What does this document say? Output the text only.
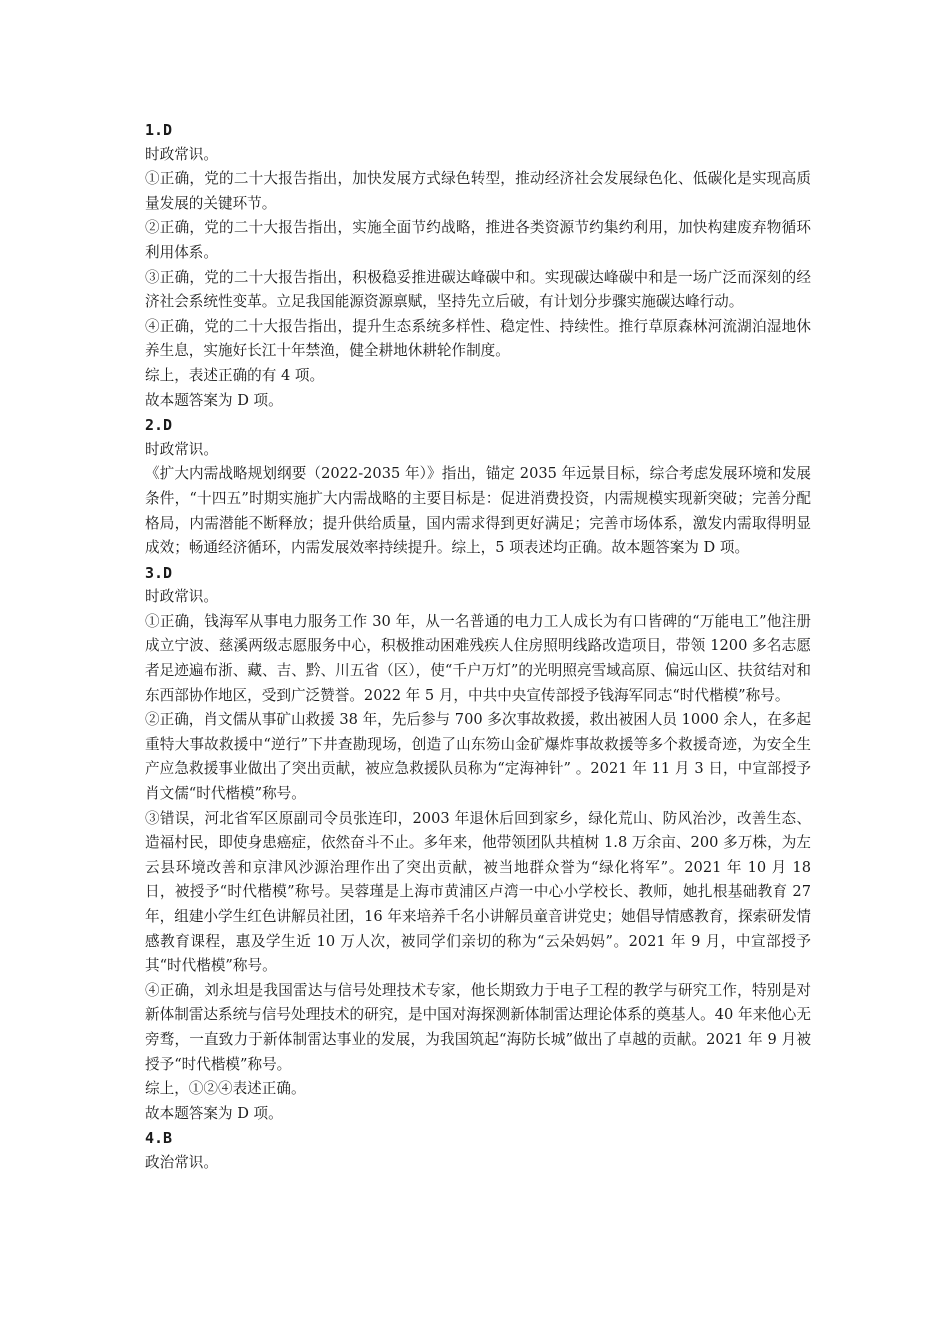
1.D

时政常识。

①正确，党的二十大报告指出，加快发展方式绿色转型，推动经济社会发展绿色化、低碳化是实现高质量发展的关键环节。

②正确，党的二十大报告指出，实施全面节约战略，推进各类资源节约集约利用，加快构建废弃物循环利用体系。

③正确，党的二十大报告指出，积极稳妥推进碳达峰碳中和。实现碳达峰碳中和是一场广泛而深刻的经济社会系统性变革。立足我国能源资源禀赋，坚持先立后破，有计划分步骤实施碳达峰行动。

④正确，党的二十大报告指出，提升生态系统多样性、稳定性、持续性。推行草原森林河流湖泊湿地休养生息，实施好长江十年禁渔，健全耕地休耕轮作制度。

综上，表述正确的有 4 项。

故本题答案为 D 项。

2.D

时政常识。

《扩大内需战略规划纲要（2022-2035 年）》指出，锚定 2035 年远景目标，综合考虑发展环境和发展条件，“十四五”时期实施扩大内需战略的主要目标是：促进消费投资，内需规模实现新突破；完善分配格局，内需潜能不断释放；提升供给质量，国内需求得到更好满足；完善市场体系，激发内需取得明显成效；畅通经济循环，内需发展效率持续提升。综上，5 项表述均正确。故本题答案为 D 项。

3.D

时政常识。

①正确，钱海军从事电力服务工作 30 年，从一名普通的电力工人成长为有口皆碑的“万能电工”他注册成立宁波、慈溪两级志愿服务中心，积极推动困难残疾人住房照明线路改造项目，带领 1200 多名志愿者足迹遍布浙、藏、吉、黔、川五省（区），使“千户万灯”的光明照亮雪域高原、偏远山区、扶贫结对和东西部协作地区，受到广泛赞誉。2022 年 5 月，中共中央宣传部授予钱海军同志“时代楷模”称号。

②正确，肖文儒从事矿山救援 38 年，先后参与 700 多次事故救援，救出被困人员 1000 余人，在多起重特大事故救援中“逆行”下井查勘现场，创造了山东笏山金矿爆炸事故救援等多个救援奇迹，为安全生产应急救援事业做出了突出贡献，被应急救援队员称为“定海神针” 。2021 年 11 月 3 日，中宣部授予肖文儒“时代楷模”称号。

③错误，河北省军区原副司令员张连印，2003 年退休后回到家乡，绿化荒山、防风治沙，改善生态、造福村民，即使身患癌症，依然奋斗不止。多年来，他带领团队共植树 1.8 万余亩、200 多万株，为左云县环境改善和京津风沙源治理作出了突出贡献，被当地群众誉为“绿化将军”。2021 年 10 月 18 日，被授予“时代楷模”称号。吴蓉瑾是上海市黄浦区卢湾一中心小学校长、教师，她扎根基础教育 27 年，组建小学生红色讲解员社团，16 年来培养千名小讲解员童音讲党史；她倡导情感教育，探索研发情感教育课程，惠及学生近 10 万人次，被同学们亲切的称为“云朵妈妈”。2021 年 9 月，中宣部授予其“时代楷模”称号。

④正确，刘永坦是我国雷达与信号处理技术专家，他长期致力于电子工程的教学与研究工作，特别是对新体制雷达系统与信号处理技术的研究，是中国对海探测新体制雷达理论体系的奠基人。40 年来他心无旁骛，一直致力于新体制雷达事业的发展，为我国筑起“海防长城”做出了卓越的贡献。2021 年 9 月被授予“时代楷模”称号。

综上，①②④表述正确。

故本题答案为 D 项。

4.B

政治常识。
